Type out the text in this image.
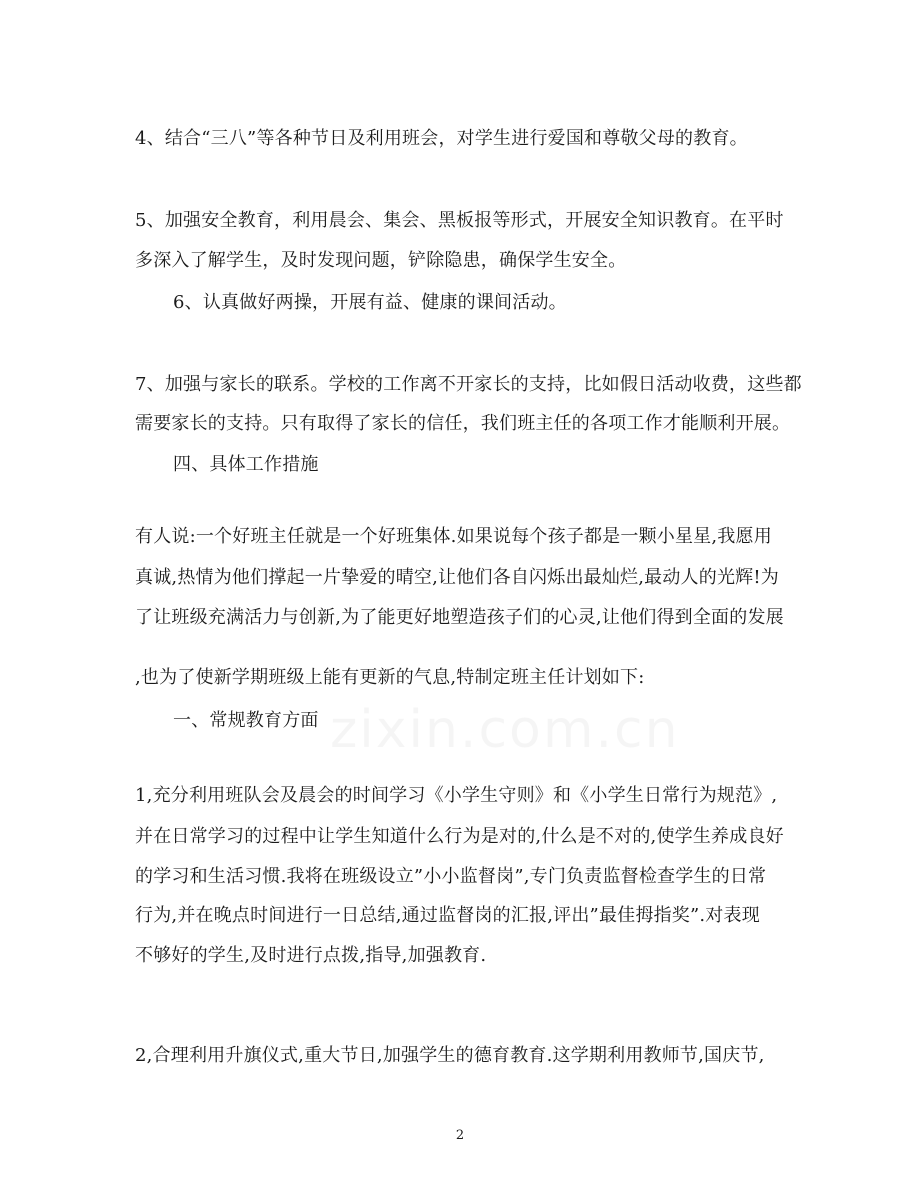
4、结合“三八”等各种节日及利用班会，对学生进行爱国和尊敬父母的教育。
5、加强安全教育，利用晨会、集会、黑板报等形式，开展安全知识教育。在平时
多深入了解学生，及时发现问题，铲除隐患，确保学生安全。
6、认真做好两操，开展有益、健康的课间活动。
7、加强与家长的联系。学校的工作离不开家长的支持，比如假日活动收费，这些都
需要家长的支持。只有取得了家长的信任，我们班主任的各项工作才能顺利开展。
四、具体工作措施
有人说:一个好班主任就是一个好班集体.如果说每个孩子都是一颗小星星,我愿用
真诚,热情为他们撑起一片挚爱的晴空,让他们各自闪烁出最灿烂,最动人的光辉!为
了让班级充满活力与创新,为了能更好地塑造孩子们的心灵,让他们得到全面的发展
,也为了使新学期班级上能有更新的气息,特制定班主任计划如下:
一、常规教育方面
1,充分利用班队会及晨会的时间学习《小学生守则》和《小学生日常行为规范》,
并在日常学习的过程中让学生知道什么行为是对的,什么是不对的,使学生养成良好
的学习和生活习惯.我将在班级设立”小小监督岗”,专门负责监督检查学生的日常
行为,并在晚点时间进行一日总结,通过监督岗的汇报,评出”最佳拇指奖”.对表现
不够好的学生,及时进行点拨,指导,加强教育.
2,合理利用升旗仪式,重大节日,加强学生的德育教育.这学期利用教师节,国庆节,
2
